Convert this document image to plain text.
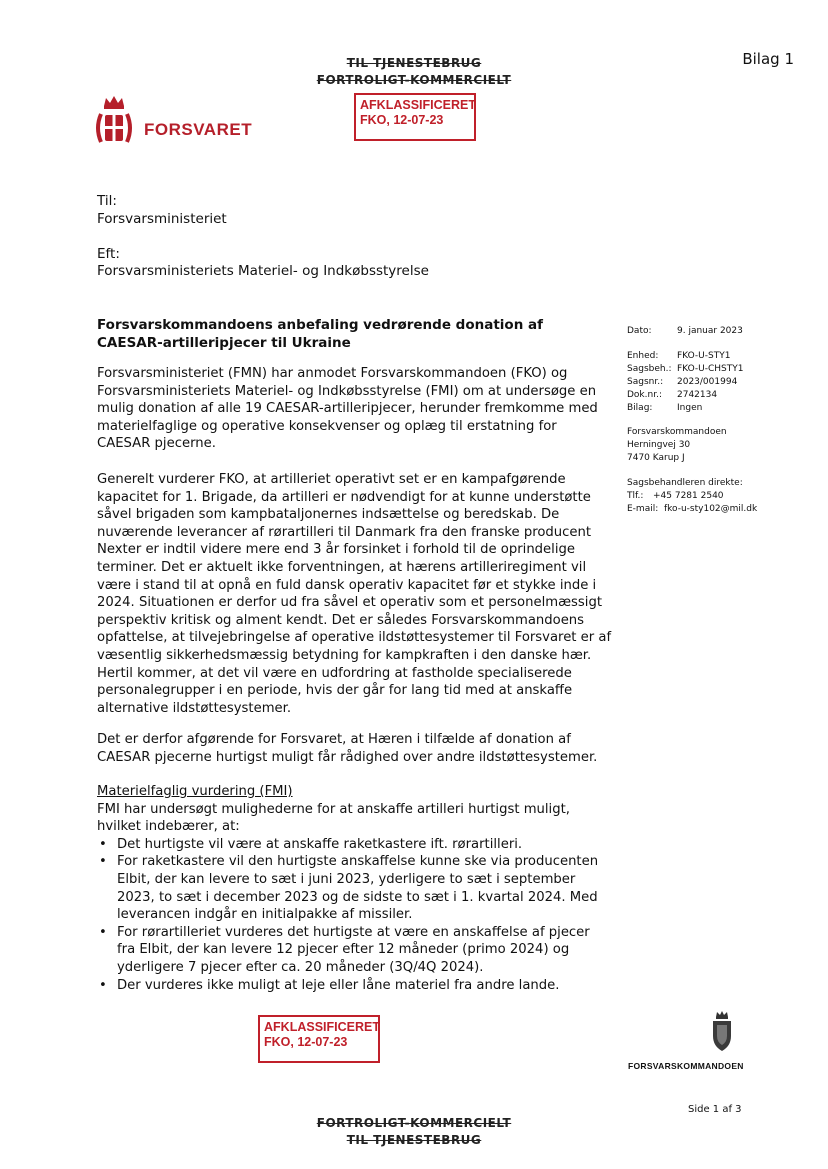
TIL TJENESTEBRUG
FORTROLIGT-KOMMERCIELT
Bilag 1
AFKLASSIFICERET
FKO, 12-07-23
FORSVARET
Til:
Forsvarsministeriet
Eft:
Forsvarsministeriets Materiel- og Indkøbsstyrelse

Forsvarskommandoens anbefaling vedrørende donation af CAESAR-artilleripjecer til Ukraine

Forsvarsministeriet (FMN) har anmodet Forsvarskommandoen (FKO) og Forsvarsministeriets Materiel- og Indkøbsstyrelse (FMI) om at undersøge en mulig donation af alle 19 CAESAR-artilleripjecer, herunder fremkomme med materielfaglige og operative konsekvenser og oplæg til erstatning for CAESAR pjecerne.

Generelt vurderer FKO, at artilleriet operativt set er en kampafgørende kapacitet for 1. Brigade, da artilleri er nødvendigt for at kunne understøtte såvel brigaden som kampbataljonernes indsættelse og beredskab. De nuværende leverancer af rørartilleri til Danmark fra den franske producent Nexter er indtil videre mere end 3 år forsinket i forhold til de oprindelige terminer. Det er aktuelt ikke forventningen, at hærens artilleriregiment vil være i stand til at opnå en fuld dansk operativ kapacitet før et stykke inde i 2024. Situationen er derfor ud fra såvel et operativ som et personelmæssigt perspektiv kritisk og alment kendt. Det er således Forsvarskommandoens opfattelse, at tilvejebringelse af operative ildstøttesystemer til Forsvaret er af væsentlig sikkerhedsmæssig betydning for kampkraften i den danske hær. Hertil kommer, at det vil være en udfordring at fastholde specialiserede personalegrupper i en periode, hvis der går for lang tid med at anskaffe alternative ildstøttesystemer.

Det er derfor afgørende for Forsvaret, at Hæren i tilfælde af donation af CAESAR pjecerne hurtigst muligt får rådighed over andre ildstøttesystemer.

Materielfaglig vurdering (FMI)
FMI har undersøgt mulighederne for at anskaffe artilleri hurtigst muligt, hvilket indebærer, at:
• Det hurtigste vil være at anskaffe raketkastere ift. rørartilleri.
• For raketkastere vil den hurtigste anskaffelse kunne ske via producenten Elbit, der kan levere to sæt i juni 2023, yderligere to sæt i september 2023, to sæt i december 2023 og de sidste to sæt i 1. kvartal 2024. Med leverancen indgår en initialpakke af missiler.
• For rørartilleriet vurderes det hurtigste at være en anskaffelse af pjecer fra Elbit, der kan levere 12 pjecer efter 12 måneder (primo 2024) og yderligere 7 pjecer efter ca. 20 måneder (3Q/4Q 2024).
• Der vurderes ikke muligt at leje eller låne materiel fra andre lande.
Dato:	9. januar 2023
Enhed:	FKO-U-STY1
Sagsbeh.: FKO-U-CHSTY1
Sagsnr.:	2023/001994
Dok.nr.:	2742134
Bilag:	Ingen
Forsvarskommandoen
Herningvej 30
7470 Karup J
Sagsbehandleren direkte:
Tlf.:	+45 7281 2540
E-mail: fko-u-sty102@mil.dk
AFKLASSIFICERET
FKO, 12-07-23
FORSVARSKOMMANDOEN
Side 1 af 3
FORTROLIGT-KOMMERCIELT
TIL TJENESTEBRUG
